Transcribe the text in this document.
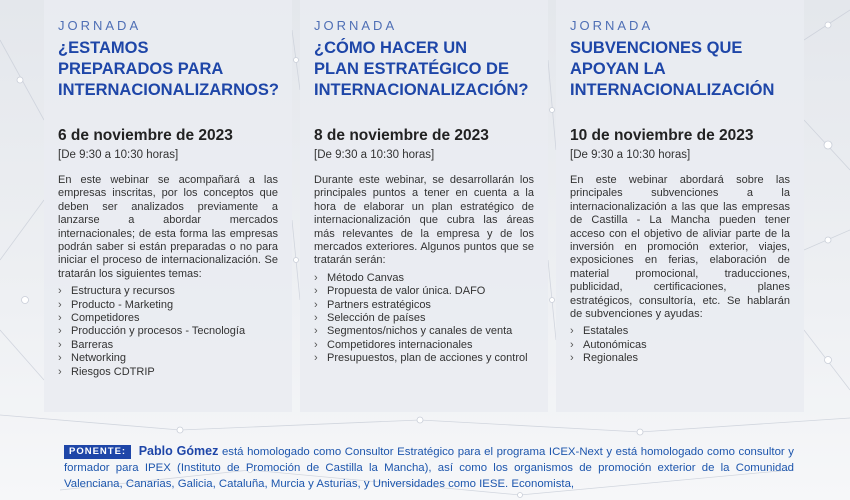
JORNADA
¿ESTAMOS
PREPARADOS PARA
INTERNACIONALIZARNOS?
6 de noviembre de 2023
[De 9:30 a 10:30 horas]
En este webinar se acompañará a las empresas inscritas, por los conceptos que deben ser analizados previamente a lanzarse a abordar mercados internacionales; de esta forma las empresas podrán saber si están preparadas o no para iniciar el proceso de internacionalización. Se tratarán los siguientes temas:
› Estructura y recursos
› Producto - Marketing
› Competidores
› Producción y procesos - Tecnología
› Barreras
› Networking
› Riesgos CDTRIP
JORNADA
¿CÓMO HACER UN
PLAN ESTRATÉGICO DE
INTERNACIONALIZACIÓN?
8 de noviembre de 2023
[De 9:30 a 10:30 horas]
Durante este webinar, se desarrollarán los principales puntos a tener en cuenta a la hora de elaborar un plan estratégico de internacionalización que cubra las áreas más relevantes de la empresa y de los mercados exteriores. Algunos puntos que se tratarán serán:
› Método Canvas
› Propuesta de valor única. DAFO
› Partners estratégicos
› Selección de países
› Segmentos/nichos y canales de venta
› Competidores internacionales
› Presupuestos, plan de acciones y control
JORNADA
SUBVENCIONES QUE
APOYAN LA
INTERNACIONALIZACIÓN
10 de noviembre de 2023
[De 9:30 a 10:30 horas]
En este webinar abordará sobre las principales subvenciones a la internacionalización a las que las empresas de Castilla - La Mancha pueden tener acceso con el objetivo de aliviar parte de la inversión en promoción exterior, viajes, exposiciones en ferias, elaboración de material promocional, traducciones, publicidad, certificaciones, planes estratégicos, consultoría, etc. Se hablarán de subvenciones y ayudas:
› Estatales
› Autonómicas
› Regionales
PONENTE: Pablo Gómez está homologado como Consultor Estratégico para el programa ICEX-Next y está homologado como consultor y formador para IPEX (Instituto de Promoción de Castilla la Mancha), así como los organismos de promoción exterior de la Comunidad Valenciana, Canarias, Galicia, Cataluña, Murcia y Asturias, y Universidades como IESE. Economista,
